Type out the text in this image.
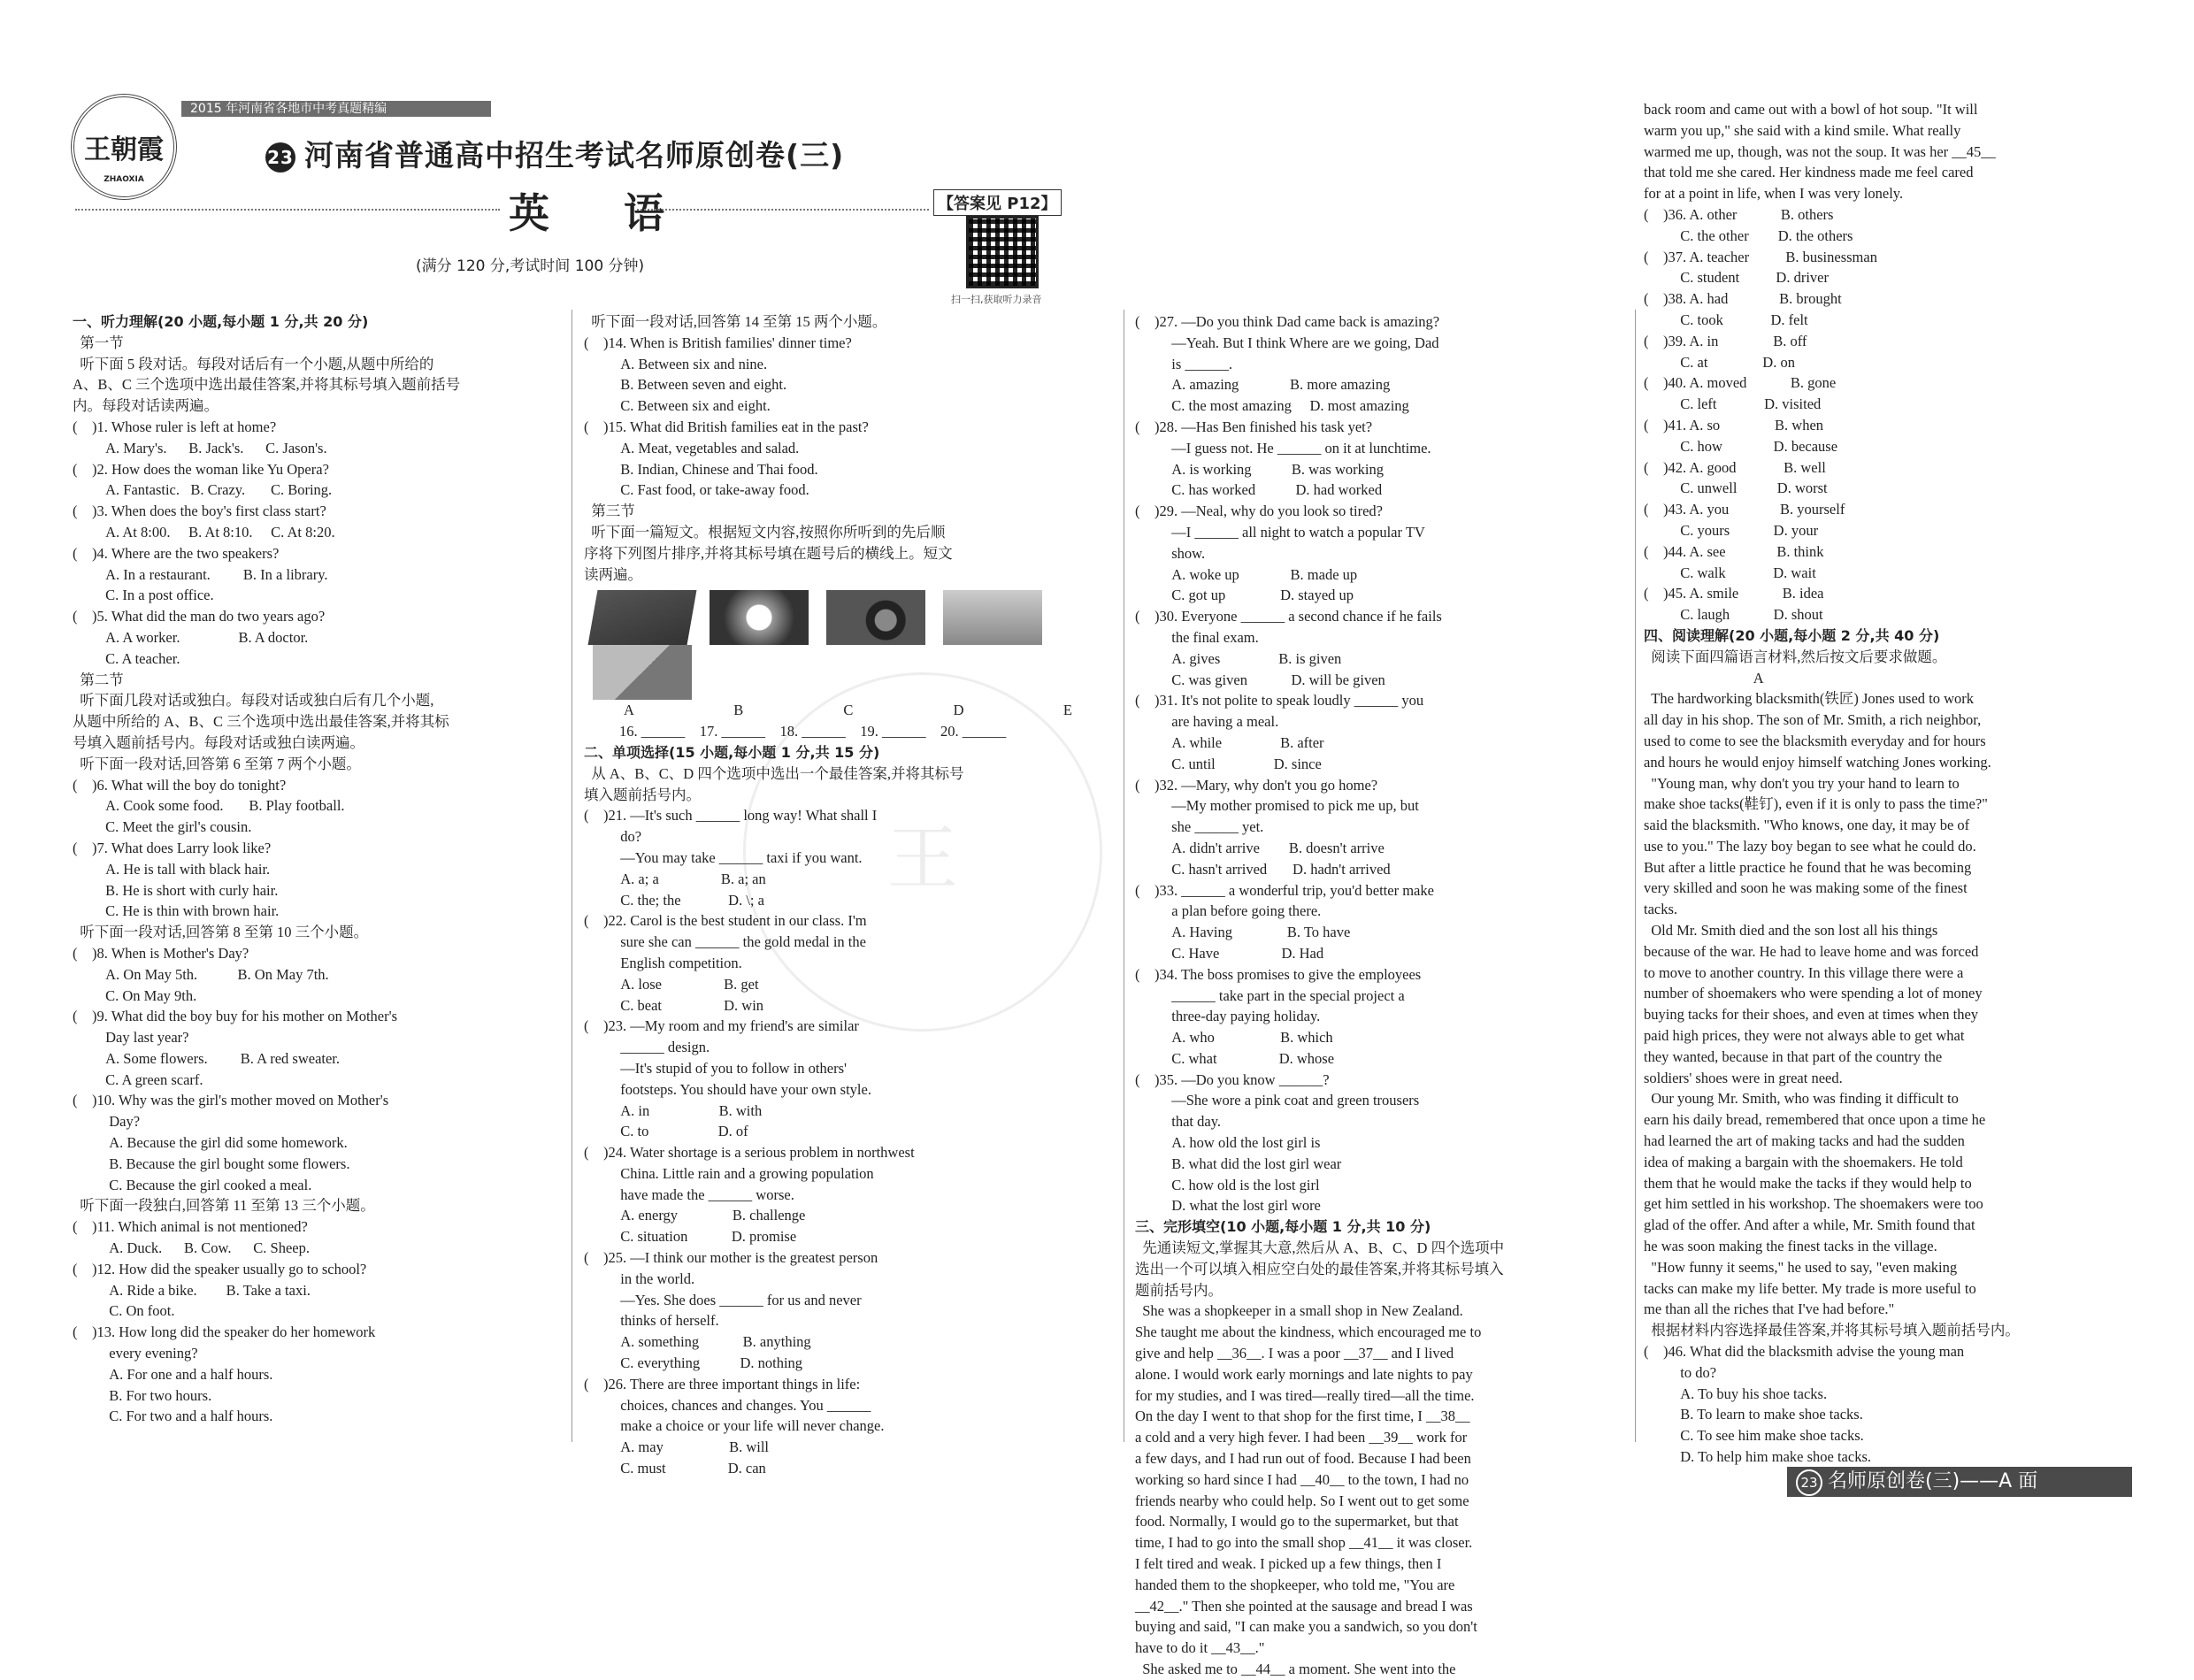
2015 年河南省各地市中考真题精编
王朝霞
ZHAOXIA
23 河南省普通高中招生考试名师原创卷(三)
英 语	【答案见 P12】
扫一扫,获取听力录音
(满分 120 分,考试时间 100 分钟)
王

一、听力理解(20 小题,每小题 1 分,共 20 分)

第一节

听下面 5 段对话。每段对话后有一个小题,从题中所给的

A、B、C 三个选项中选出最佳答案,并将其标号填入题前括号

内。每段对话读两遍。

(    )1. Whose ruler is left at home?

A. Mary's.      B. Jack's.      C. Jason's.

(    )2. How does the woman like Yu Opera?

A. Fantastic.   B. Crazy.       C. Boring.

(    )3. When does the boy's first class start?

A. At 8:00.     B. At 8:10.     C. At 8:20.

(    )4. Where are the two speakers?

A. In a restaurant.         B. In a library.

C. In a post office.

(    )5. What did the man do two years ago?

A. A worker.                B. A doctor.

C. A teacher.

第二节

听下面几段对话或独白。每段对话或独白后有几个小题,

从题中所给的 A、B、C 三个选项中选出最佳答案,并将其标

号填入题前括号内。每段对话或独白读两遍。

听下面一段对话,回答第 6 至第 7 两个小题。

(    )6. What will the boy do tonight?

A. Cook some food.       B. Play football.

C. Meet the girl's cousin.

(    )7. What does Larry look like?

A. He is tall with black hair.

B. He is short with curly hair.

C. He is thin with brown hair.

听下面一段对话,回答第 8 至第 10 三个小题。

(    )8. When is Mother's Day?

A. On May 5th.           B. On May 7th.

C. On May 9th.

(    )9. What did the boy buy for his mother on Mother's

Day last year?

A. Some flowers.         B. A red sweater.

C. A green scarf.

(    )10. Why was the girl's mother moved on Mother's

Day?

A. Because the girl did some homework.

B. Because the girl bought some flowers.

C. Because the girl cooked a meal.

听下面一段独白,回答第 11 至第 13 三个小题。

(    )11. Which animal is not mentioned?

A. Duck.      B. Cow.      C. Sheep.

(    )12. How did the speaker usually go to school?

A. Ride a bike.        B. Take a taxi.

C. On foot.

(    )13. How long did the speaker do her homework

every evening?

A. For one and a half hours.

B. For two hours.

C. For two and a half hours.

听下面一段对话,回答第 14 至第 15 两个小题。

(    )14. When is British families' dinner time?

A. Between six and nine.

B. Between seven and eight.

C. Between six and eight.

(    )15. What did British families eat in the past?

A. Meat, vegetables and salad.

B. Indian, Chinese and Thai food.

C. Fast food, or take-away food.

第三节

听下面一篇短文。根据短文内容,按照你所听到的先后顺

序将下列图片排序,并将其标号填在题号后的横线上。短文

读两遍。

A	B	C	D	E

16. ______    17. ______    18. ______    19. ______    20. ______

二、单项选择(15 小题,每小题 1 分,共 15 分)

从 A、B、C、D 四个选项中选出一个最佳答案,并将其标号

填入题前括号内。

(    )21. —It's such ______ long way! What shall I

do?

—You may take ______ taxi if you want.

A. a; a                 B. a; an

C. the; the             D. \; a

(    )22. Carol is the best student in our class. I'm

sure she can ______ the gold medal in the

English competition.

A. lose                 B. get

C. beat                 D. win

(    )23. —My room and my friend's are similar

______ design.

—It's stupid of you to follow in others'

footsteps. You should have your own style.

A. in                   B. with

C. to                   D. of

(    )24. Water shortage is a serious problem in northwest

China. Little rain and a growing population

have made the ______ worse.

A. energy               B. challenge

C. situation            D. promise

(    )25. —I think our mother is the greatest person

in the world.

—Yes. She does ______ for us and never

thinks of herself.

A. something            B. anything

C. everything           D. nothing

(    )26. There are three important things in life:

choices, chances and changes. You ______

make a choice or your life will never change.

A. may                  B. will

C. must                 D. can

(    )27. —Do you think Dad came back is amazing?

—Yeah. But I think Where are we going, Dad

is ______.

A. amazing              B. more amazing

C. the most amazing     D. most amazing

(    )28. —Has Ben finished his task yet?

—I guess not. He ______ on it at lunchtime.

A. is working           B. was working

C. has worked           D. had worked

(    )29. —Neal, why do you look so tired?

—I ______ all night to watch a popular TV

show.

A. woke up              B. made up

C. got up               D. stayed up

(    )30. Everyone ______ a second chance if he fails

the final exam.

A. gives                B. is given

C. was given            D. will be given

(    )31. It's not polite to speak loudly ______ you

are having a meal.

A. while                B. after

C. until                D. since

(    )32. —Mary, why don't you go home?

—My mother promised to pick me up, but

she ______ yet.

A. didn't arrive        B. doesn't arrive

C. hasn't arrived       D. hadn't arrived

(    )33. ______ a wonderful trip, you'd better make

a plan before going there.

A. Having               B. To have

C. Have                 D. Had

(    )34. The boss promises to give the employees

______ take part in the special project a

three-day paying holiday.

A. who                  B. which

C. what                 D. whose

(    )35. —Do you know ______?

—She wore a pink coat and green trousers

that day.

A. how old the lost girl is

B. what did the lost girl wear

C. how old is the lost girl

D. what the lost girl wore

三、完形填空(10 小题,每小题 1 分,共 10 分)

先通读短文,掌握其大意,然后从 A、B、C、D 四个选项中

选出一个可以填入相应空白处的最佳答案,并将其标号填入

题前括号内。

She was a shopkeeper in a small shop in New Zealand.

She taught me about the kindness, which encouraged me to

give and help __36__. I was a poor __37__ and I lived

alone. I would work early mornings and late nights to pay

for my studies, and I was tired—really tired—all the time.

On the day I went to that shop for the first time, I __38__

a cold and a very high fever. I had been __39__ work for

a few days, and I had run out of food. Because I had been

working so hard since I had __40__ to the town, I had no

friends nearby who could help. So I went out to get some

food. Normally, I would go to the supermarket, but that

time, I had to go into the small shop __41__ it was closer.

I felt tired and weak. I picked up a few things, then I

handed them to the shopkeeper, who told me, "You are

__42__." Then she pointed at the sausage and bread I was

buying and said, "I can make you a sandwich, so you don't

have to do it __43__."

She asked me to __44__ a moment. She went into the

back room and came out with a bowl of hot soup. "It will

warm you up," she said with a kind smile. What really

warmed me up, though, was not the soup. It was her __45__

that told me she cared. Her kindness made me feel cared

for at a point in life, when I was very lonely.

(    )36. A. other            B. others

C. the other        D. the others

(    )37. A. teacher          B. businessman

C. student          D. driver

(    )38. A. had              B. brought

C. took             D. felt

(    )39. A. in               B. off

C. at               D. on

(    )40. A. moved            B. gone

C. left             D. visited

(    )41. A. so               B. when

C. how              D. because

(    )42. A. good             B. well

C. unwell           D. worst

(    )43. A. you              B. yourself

C. yours            D. your

(    )44. A. see              B. think

C. walk             D. wait

(    )45. A. smile            B. idea

C. laugh            D. shout

四、阅读理解(20 小题,每小题 2 分,共 40 分)

阅读下面四篇语言材料,然后按文后要求做题。

A

The hardworking blacksmith(铁匠) Jones used to work

all day in his shop. The son of Mr. Smith, a rich neighbor,

used to come to see the blacksmith everyday and for hours

and hours he would enjoy himself watching Jones working.

"Young man, why don't you try your hand to learn to

make shoe tacks(鞋钉), even if it is only to pass the time?"

said the blacksmith. "Who knows, one day, it may be of

use to you." The lazy boy began to see what he could do.

But after a little practice he found that he was becoming

very skilled and soon he was making some of the finest

tacks.

Old Mr. Smith died and the son lost all his things

because of the war. He had to leave home and was forced

to move to another country. In this village there were a

number of shoemakers who were spending a lot of money

buying tacks for their shoes, and even at times when they

paid high prices, they were not always able to get what

they wanted, because in that part of the country the

soldiers' shoes were in great need.

Our young Mr. Smith, who was finding it difficult to

earn his daily bread, remembered that once upon a time he

had learned the art of making tacks and had the sudden

idea of making a bargain with the shoemakers. He told

them that he would make the tacks if they would help to

get him settled in his workshop. The shoemakers were too

glad of the offer. And after a while, Mr. Smith found that

he was soon making the finest tacks in the village.

"How funny it seems," he used to say, "even making

tacks can make my life better. My trade is more useful to

me than all the riches that I've had before."

根据材料内容选择最佳答案,并将其标号填入题前括号内。

(    )46. What did the blacksmith advise the young man

to do?

A. To buy his shoe tacks.

B. To learn to make shoe tacks.

C. To see him make shoe tacks.

D. To help him make shoe tacks.

23 名师原创卷(三)——A 面
